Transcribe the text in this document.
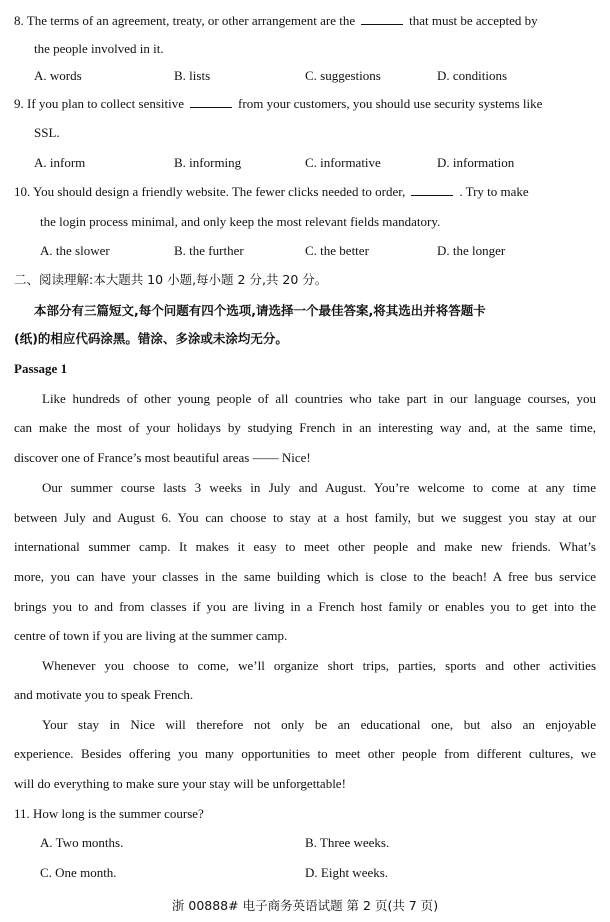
8. The terms of an agreement, treaty, or other arrangement are the	that must be accepted by
the people involved in it.
A. words	B. lists	C. suggestions	D. conditions
9. If you plan to collect sensitive	from your customers, you should use security systems like
SSL.
A. inform	B. informing	C. informative	D. information
10. You should design a friendly website. The fewer clicks needed to order,	. Try to make
the login process minimal, and only keep the most relevant fields mandatory.
A. the slower	B. the further	C. the better	D. the longer
二、阅读理解:本大题共 10 小题,每小题 2 分,共 20 分。
本部分有三篇短文,每个问题有四个选项,请选择一个最佳答案,将其选出并将答题卡
(纸)的相应代码涂黑。错涂、多涂或未涂均无分。
Passage 1
Like hundreds of other young people of all countries who take part in our language courses, you
can make the most of your holidays by studying French in an interesting way and, at the same time,
discover one of France’s most beautiful areas —— Nice!
Our summer course lasts 3 weeks in July and August. You’re welcome to come at any time
between July and August 6. You can choose to stay at a host family, but we suggest you stay at our
international summer camp. It makes it easy to meet other people and make new friends. What’s
more, you can have your classes in the same building which is close to the beach! A free bus service
brings you to and from classes if you are living in a French host family or enables you to get into the
centre of town if you are living at the summer camp.
Whenever you choose to come, we’ll organize short trips, parties, sports and other activities
and motivate you to speak French.
Your stay in Nice will therefore not only be an educational one, but also an enjoyable
experience. Besides offering you many opportunities to meet other people from different cultures, we
will do everything to make sure your stay will be unforgettable!
11. How long is the summer course?
A. Two months.	B. Three weeks.
C. One month.	D. Eight weeks.
浙 00888# 电子商务英语试题 第 2 页(共 7 页)
